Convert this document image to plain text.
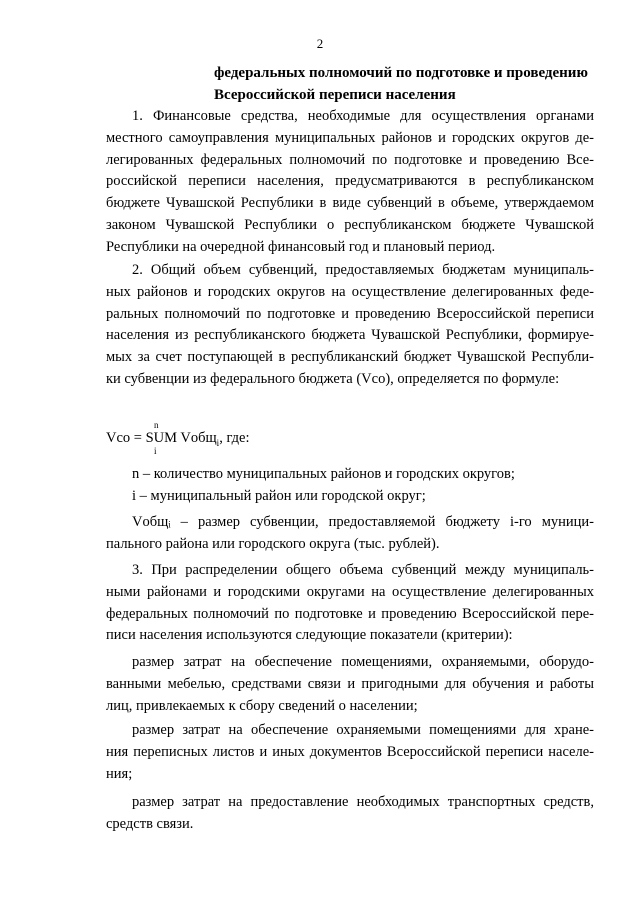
2
федеральных полномочий по подготовке и проведению
Всероссийской переписи населения

1. Финансовые средства, необходимые для осуществления органами
местного самоуправления муниципальных районов и городских округов де-
легированных федеральных полномочий по подготовке и проведению Все-
российской переписи населения, предусматриваются в республиканском
бюджете Чувашской Республики в виде субвенций в объеме, утверждаемом
законом Чувашской Республики о республиканском бюджете Чувашской
Республики на очередной финансовый год и плановый период.

2. Общий объем субвенций, предоставляемых бюджетам муниципаль-
ных районов и городских округов на осуществление делегированных феде-
ральных полномочий по подготовке и проведению Всероссийской переписи
населения из республиканского бюджета Чувашской Республики, формируе-
мых за счет поступающей в республиканский бюджет Чувашской Республи-
ки субвенции из федерального бюджета (Vсо), определяется по формуле:

n
Vсо = SUM Vобщ$_i$, где:
i

n – количество муниципальных районов и городских округов;

i – муниципальный район или городской округ;

Vобщᵢ – размер субвенции, предоставляемой бюджету i-го муници-
пального района или городского округа (тыс. рублей).

3. При распределении общего объема субвенций между муниципаль-
ными районами и городскими округами на осуществление делегированных
федеральных полномочий по подготовке и проведению Всероссийской пере-
писи населения используются следующие показатели (критерии):

размер затрат на обеспечение помещениями, охраняемыми, оборудо-
ванными мебелью, средствами связи и пригодными для обучения и работы
лиц, привлекаемых к сбору сведений о населении;

размер затрат на обеспечение охраняемыми помещениями для хране-
ния переписных листов и иных документов Всероссийской переписи населе-
ния;

размер затрат на предоставление необходимых транспортных средств,
средств связи.
